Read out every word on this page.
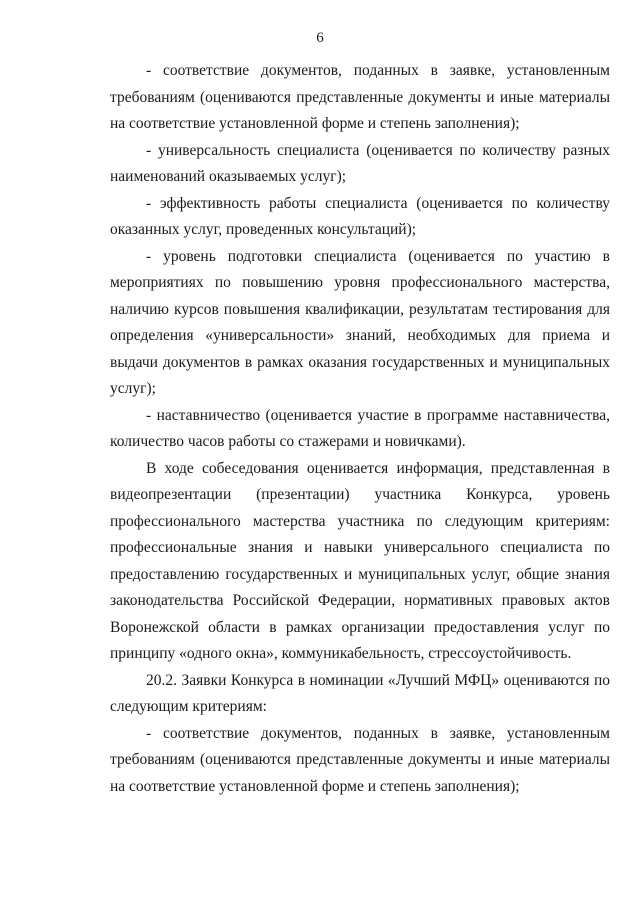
6

- соответствие документов, поданных в заявке, установленным требованиям (оцениваются представленные документы и иные материалы на соответствие установленной форме и степень заполнения);

- универсальность специалиста (оценивается по количеству разных наименований оказываемых услуг);

- эффективность работы специалиста (оценивается по количеству оказанных услуг, проведенных консультаций);

- уровень подготовки специалиста (оценивается по участию в мероприятиях по повышению уровня профессионального мастерства, наличию курсов повышения квалификации, результатам тестирования для определения «универсальности» знаний, необходимых для приема и выдачи документов в рамках оказания государственных и муниципальных услуг);

- наставничество (оценивается участие в программе наставничества, количество часов работы со стажерами и новичками).

В ходе собеседования оценивается информация, представленная в видеопрезентации (презентации) участника Конкурса, уровень профессионального мастерства участника по следующим критериям: профессиональные знания и навыки универсального специалиста по предоставлению государственных и муниципальных услуг, общие знания законодательства Российской Федерации, нормативных правовых актов Воронежской области в рамках организации предоставления услуг по принципу «одного окна», коммуникабельность, стрессоустойчивость.

20.2. Заявки Конкурса в номинации «Лучший МФЦ» оцениваются по следующим критериям:

- соответствие документов, поданных в заявке, установленным требованиям (оцениваются представленные документы и иные материалы на соответствие установленной форме и степень заполнения);
